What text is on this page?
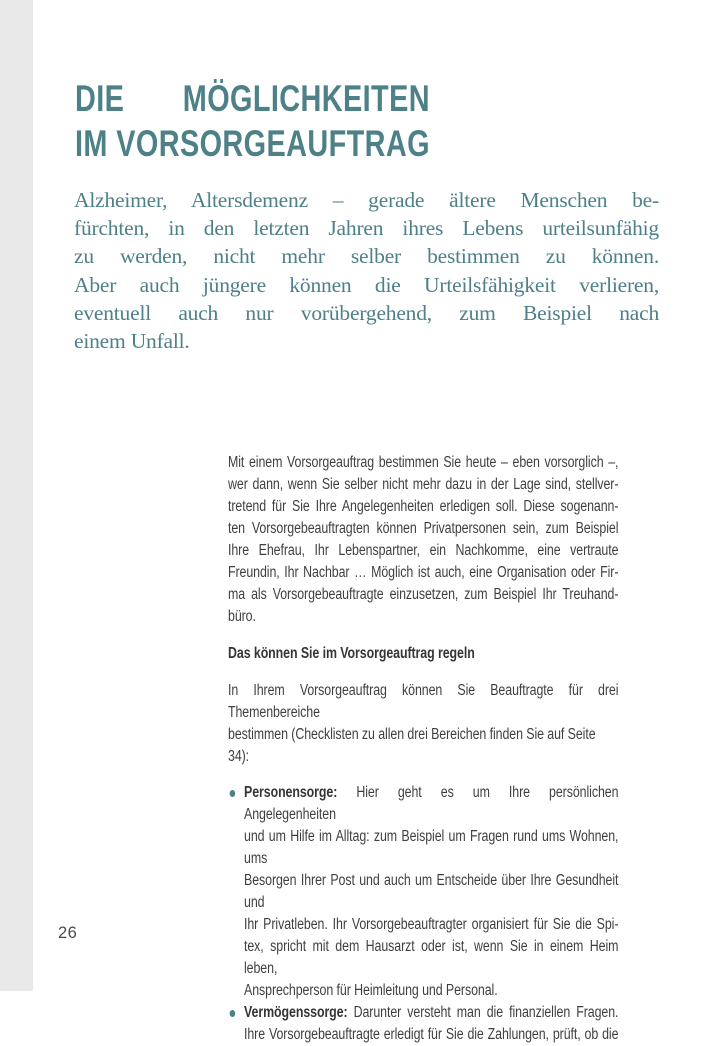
DIE MÖGLICHKEITEN
IM VORSORGEAUFTRAG
Alzheimer, Altersdemenz – gerade ältere Menschen be-
fürchten, in den letzten Jahren ihres Lebens urteilsunfähig
zu werden, nicht mehr selber bestimmen zu können.
Aber auch jüngere können die Urteilsfähigkeit verlieren,
eventuell auch nur vorübergehend, zum Beispiel nach
einem Unfall.
Mit einem Vorsorgeauftrag bestimmen Sie heute – eben vorsorglich –,
wer dann, wenn Sie selber nicht mehr dazu in der Lage sind, stellver-
tretend für Sie Ihre Angelegenheiten erledigen soll. Diese sogenann-
ten Vorsorgebeauftragten können Privatpersonen sein, zum Beispiel
Ihre Ehefrau, Ihr Lebenspartner, ein Nachkomme, eine vertraute
Freundin, Ihr Nachbar … Möglich ist auch, eine Organisation oder Fir-
ma als Vorsorgebeauftragte einzusetzen, zum Beispiel Ihr Treuhand-
büro.
Das können Sie im Vorsorgeauftrag regeln
In Ihrem Vorsorgeauftrag können Sie Beauftragte für drei Themenbereiche
bestimmen (Checklisten zu allen drei Bereichen finden Sie auf Seite 34):
Personensorge: Hier geht es um Ihre persönlichen Angelegenheiten
und um Hilfe im Alltag: zum Beispiel um Fragen rund ums Wohnen, ums
Besorgen Ihrer Post und auch um Entscheide über Ihre Gesundheit und
Ihr Privatleben. Ihr Vorsorgebeauftragter organisiert für Sie die Spi-
tex, spricht mit dem Hausarzt oder ist, wenn Sie in einem Heim leben,
Ansprechperson für Heimleitung und Personal.
Vermögenssorge: Darunter versteht man die finanziellen Fragen.
Ihre Vorsorgebeauftragte erledigt für Sie die Zahlungen, prüft, ob die
26
